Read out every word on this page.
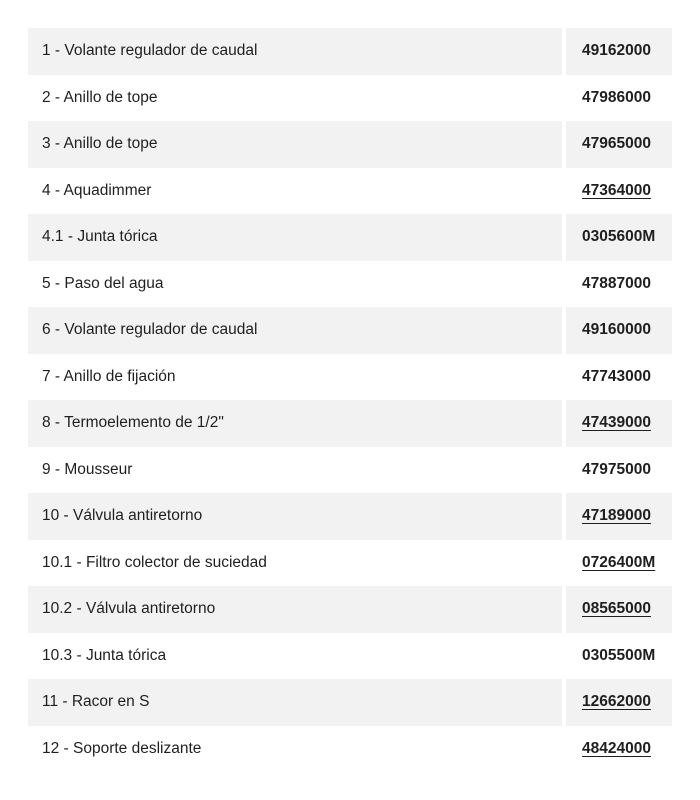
1 - Volante regulador de caudal	49162000
2 - Anillo de tope	47986000
3 - Anillo de tope	47965000
4 - Aquadimmer	47364000
4.1 - Junta tórica	0305600M
5 - Paso del agua	47887000
6 - Volante regulador de caudal	49160000
7 - Anillo de fijación	47743000
8 - Termoelemento de 1/2"	47439000
9 - Mousseur	47975000
10 - Válvula antiretorno	47189000
10.1 - Filtro colector de suciedad	0726400M
10.2 - Válvula antiretorno	08565000
10.3 - Junta tórica	0305500M
11 - Racor en S	12662000
12 - Soporte deslizante	48424000
